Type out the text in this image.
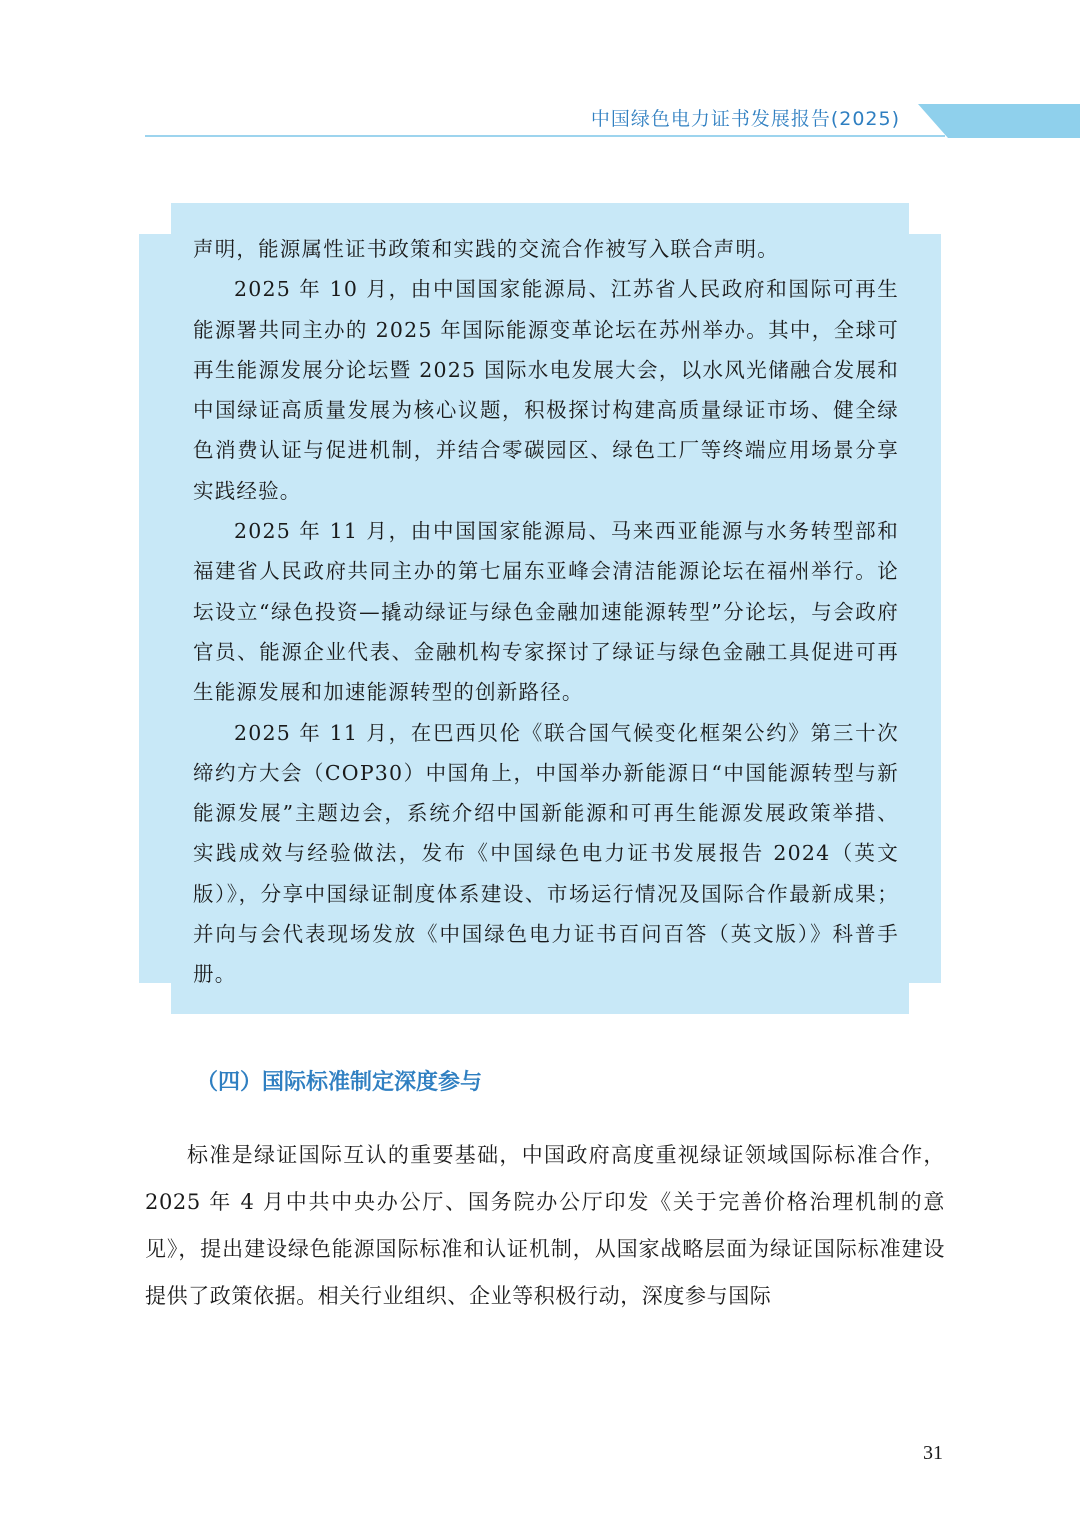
中国绿色电力证书发展报告(2025)

声明，能源属性证书政策和实践的交流合作被写入联合声明。

2025 年 10 月，由中国国家能源局、江苏省人民政府和国际可再生能源署共同主办的 2025 年国际能源变革论坛在苏州举办。其中，全球可再生能源发展分论坛暨 2025 国际水电发展大会，以水风光储融合发展和中国绿证高质量发展为核心议题，积极探讨构建高质量绿证市场、健全绿色消费认证与促进机制，并结合零碳园区、绿色工厂等终端应用场景分享实践经验。

2025 年 11 月，由中国国家能源局、马来西亚能源与水务转型部和福建省人民政府共同主办的第七届东亚峰会清洁能源论坛在福州举行。论坛设立“绿色投资—撬动绿证与绿色金融加速能源转型”分论坛，与会政府官员、能源企业代表、金融机构专家探讨了绿证与绿色金融工具促进可再生能源发展和加速能源转型的创新路径。

2025 年 11 月，在巴西贝伦《联合国气候变化框架公约》第三十次缔约方大会（COP30）中国角上，中国举办新能源日“中国能源转型与新能源发展”主题边会，系统介绍中国新能源和可再生能源发展政策举措、实践成效与经验做法，发布《中国绿色电力证书发展报告 2024（英文版）》，分享中国绿证制度体系建设、市场运行情况及国际合作最新成果；并向与会代表现场发放《中国绿色电力证书百问百答（英文版）》科普手册。

（四）国际标准制定深度参与

标准是绿证国际互认的重要基础，中国政府高度重视绿证领域国际标准合作，2025 年 4 月中共中央办公厅、国务院办公厅印发《关于完善价格治理机制的意见》，提出建设绿色能源国际标准和认证机制，从国家战略层面为绿证国际标准建设提供了政策依据。相关行业组织、企业等积极行动，深度参与国际

31
